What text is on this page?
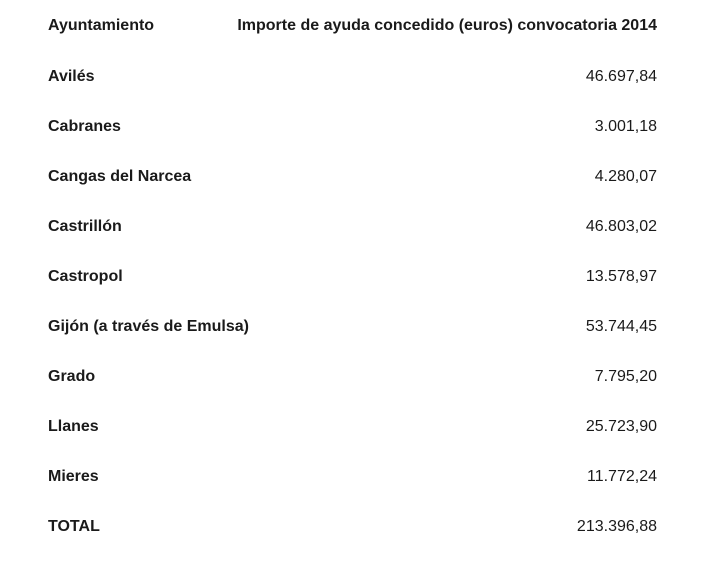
Ayuntamiento	Importe de ayuda concedido (euros) convocatoria 2014
Avilés	46.697,84
Cabranes	3.001,18
Cangas del Narcea	4.280,07
Castrillón	46.803,02
Castropol	13.578,97
Gijón (a través de Emulsa)	53.744,45
Grado	7.795,20
Llanes	25.723,90
Mieres	11.772,24
TOTAL	213.396,88
